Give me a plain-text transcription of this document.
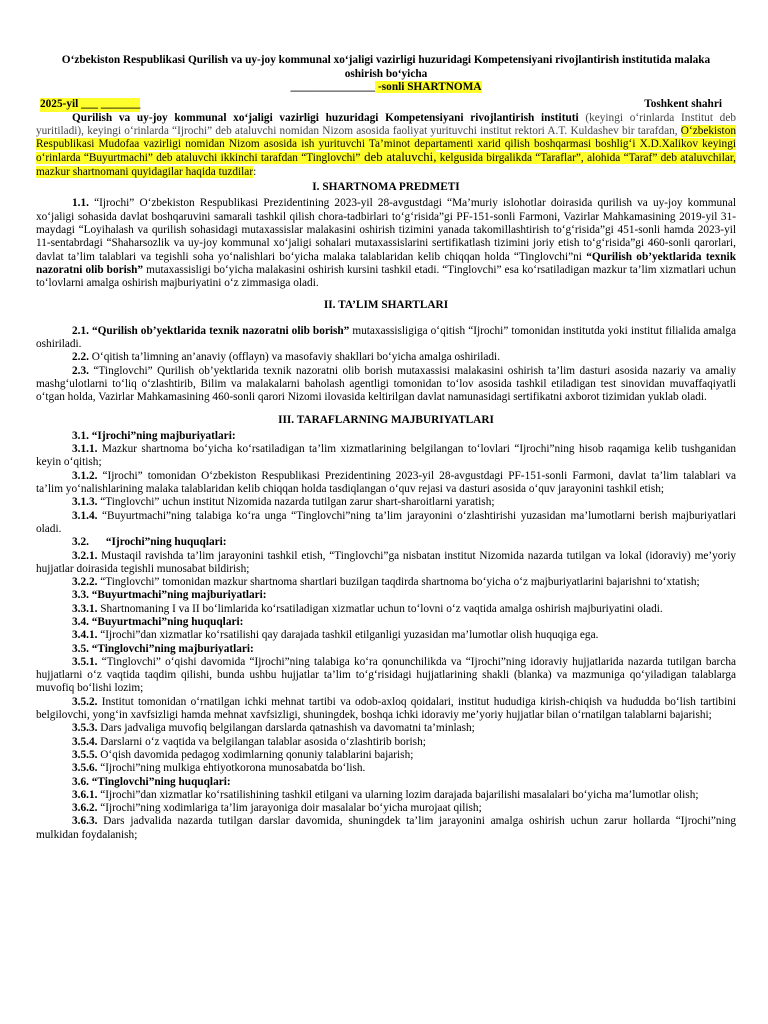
O‘zbekiston Respublikasi Qurilish va uy-joy kommunal xo‘jaligi vazirligi huzuridagi Kompetensiyani rivojlantirish institutida malaka oshirish bo‘yicha

_______________ -sonli SHARTNOMA

2025-yil ___ _______	Toshkent shahri

Qurilish va uy-joy kommunal xo‘jaligi vazirligi huzuridagi Kompetensiyani rivojlantirish instituti (keyingi o‘rinlarda Institut deb yuritiladi), keyingi o‘rinlarda “Ijrochi” deb ataluvchi nomidan Nizom asosida faoliyat yurituvchi institut rektori A.T. Kuldashev bir tarafdan, O‘zbekiston Respublikasi Mudofaa vazirligi nomidan Nizom asosida ish yurituvchi Ta’minot departamenti xarid qilish boshqarmasi boshlig‘i X.D.Xalikov keyingi o‘rinlarda “Buyurtmachi” deb ataluvchi ikkinchi tarafdan “Tinglovchi” deb ataluvchi, kelgusida birgalikda “Taraflar”, alohida “Taraf” deb ataluvchilar, mazkur shartnomani quyidagilar haqida tuzdilar:

I. SHARTNOMA PREDMETI

1.1. “Ijrochi” O‘zbekiston Respublikasi Prezidentining 2023-yil 28-avgustdagi “Ma’muriy islohotlar doirasida qurilish va uy-joy kommunal xo‘jaligi sohasida davlat boshqaruvini samarali tashkil qilish chora-tadbirlari to‘g‘risida”gi PF-151-sonli Farmoni, Vazirlar Mahkamasining 2019-yil 31-maydagi “Loyihalash va qurilish sohasidagi mutaxassislar malakasini oshirish tizimini yanada takomillashtirish to‘g‘risida”gi 451-sonli hamda 2023-yil 11-sentabrdagi “Shaharsozlik va uy-joy kommunal xo‘jaligi sohalari mutaxassislarini sertifikatlash tizimini joriy etish to‘g‘risida”gi 460-sonli qarorlari, davlat ta’lim talablari va tegishli soha yo‘nalishlari bo‘yicha malaka talablaridan kelib chiqqan holda “Tinglovchi”ni “Qurilish ob’yektlarida texnik nazoratni olib borish” mutaxassisligi bo‘yicha malakasini oshirish kursini tashkil etadi. “Tinglovchi” esa ko‘rsatiladigan mazkur ta’lim xizmatlari uchun to‘lovlarni amalga oshirish majburiyatini o‘z zimmasiga oladi.

II. TA’LIM SHARTLARI

2.1. “Qurilish ob’yektlarida texnik nazoratni olib borish” mutaxassisligiga o‘qitish “Ijrochi” tomonidan institutda yoki institut filialida amalga oshiriladi.

2.2. O‘qitish ta’limning an’anaviy (offlayn) va masofaviy shakllari bo‘yicha amalga oshiriladi.

2.3. “Tinglovchi” Qurilish ob’yektlarida texnik nazoratni olib borish mutaxassisi malakasini oshirish ta’lim dasturi asosida nazariy va amaliy mashg‘ulotlarni to‘liq o‘zlashtirib, Bilim va malakalarni baholash agentligi tomonidan to‘lov asosida tashkil etiladigan test sinovidan muvaffaqiyatli o‘tgan holda, Vazirlar Mahkamasining 460-sonli qarori Nizomi ilovasida keltirilgan davlat namunasidagi sertifikatni axborot tizimidan yuklab oladi.

III. TARAFLARNING MAJBURIYATLARI

3.1. “Ijrochi”ning majburiyatlari:

3.1.1. Mazkur shartnoma bo‘yicha ko‘rsatiladigan ta’lim xizmatlarining belgilangan to‘lovlari “Ijrochi”ning hisob raqamiga kelib tushganidan keyin o‘qitish;

3.1.2. “Ijrochi” tomonidan O‘zbekiston Respublikasi Prezidentining 2023-yil 28-avgustdagi PF-151-sonli Farmoni, davlat ta’lim talablari va ta’lim yo‘nalishlarining malaka talablaridan kelib chiqqan holda tasdiqlangan o‘quv rejasi va dasturi asosida o‘quv jarayonini tashkil etish;

3.1.3. “Tinglovchi” uchun institut Nizomida nazarda tutilgan zarur shart-sharoitlarni yaratish;

3.1.4. “Buyurtmachi”ning talabiga ko‘ra unga “Tinglovchi”ning ta’lim jarayonini o‘zlashtirishi yuzasidan ma’lumotlarni berish majburiyatlari oladi.

3.2.      “Ijrochi”ning huquqlari:

3.2.1. Mustaqil ravishda ta’lim jarayonini tashkil etish, “Tinglovchi”ga nisbatan institut Nizomida nazarda tutilgan va lokal (idoraviy) me’yoriy hujjatlar doirasida tegishli munosabat bildirish;

3.2.2. “Tinglovchi” tomonidan mazkur shartnoma shartlari buzilgan taqdirda shartnoma bo‘yicha o‘z majburiyatlarini bajarishni to‘xtatish;

3.3. “Buyurtmachi”ning majburiyatlari:

3.3.1. Shartnomaning I va II bo‘limlarida ko‘rsatiladigan xizmatlar uchun to‘lovni o‘z vaqtida amalga oshirish majburiyatini oladi.

3.4. “Buyurtmachi”ning huquqlari:

3.4.1. “Ijrochi”dan xizmatlar ko‘rsatilishi qay darajada tashkil etilganligi yuzasidan ma’lumotlar olish huquqiga ega.

3.5. “Tinglovchi”ning majburiyatlari:

3.5.1. “Tinglovchi” o‘qishi davomida “Ijrochi”ning talabiga ko‘ra qonunchilikda va “Ijrochi”ning idoraviy hujjatlarida nazarda tutilgan barcha hujjatlarni o‘z vaqtida taqdim qilishi, bunda ushbu hujjatlar ta’lim to‘g‘risidagi hujjatlarining shakli (blanka) va mazmuniga qo‘yiladigan talablarga muvofiq bo‘lishi lozim;

3.5.2. Institut tomonidan o‘rnatilgan ichki mehnat tartibi va odob-axloq qoidalari, institut hududiga kirish-chiqish va hududda bo‘lish tartibini belgilovchi, yong‘in xavfsizligi hamda mehnat xavfsizligi, shuningdek, boshqa ichki idoraviy me’yoriy hujjatlar bilan o‘rnatilgan talablarni bajarishi;

3.5.3. Dars jadvaliga muvofiq belgilangan darslarda qatnashish va davomatni ta’minlash;

3.5.4. Darslarni o‘z vaqtida va belgilangan talablar asosida o‘zlashtirib borish;

3.5.5. O‘qish davomida pedagog xodimlarning qonuniy talablarini bajarish;

3.5.6. “Ijrochi”ning mulkiga ehtiyotkorona munosabatda bo‘lish.

3.6. “Tinglovchi”ning huquqlari:

3.6.1. “Ijrochi”dan xizmatlar ko‘rsatilishining tashkil etilgani va ularning lozim darajada bajarilishi masalalari bo‘yicha ma’lumotlar olish;

3.6.2. “Ijrochi”ning xodimlariga ta’lim jarayoniga doir masalalar bo‘yicha murojaat qilish;

3.6.3. Dars jadvalida nazarda tutilgan darslar davomida, shuningdek ta’lim jarayonini amalga oshirish uchun zarur hollarda “Ijrochi”ning mulkidan foydalanish;
